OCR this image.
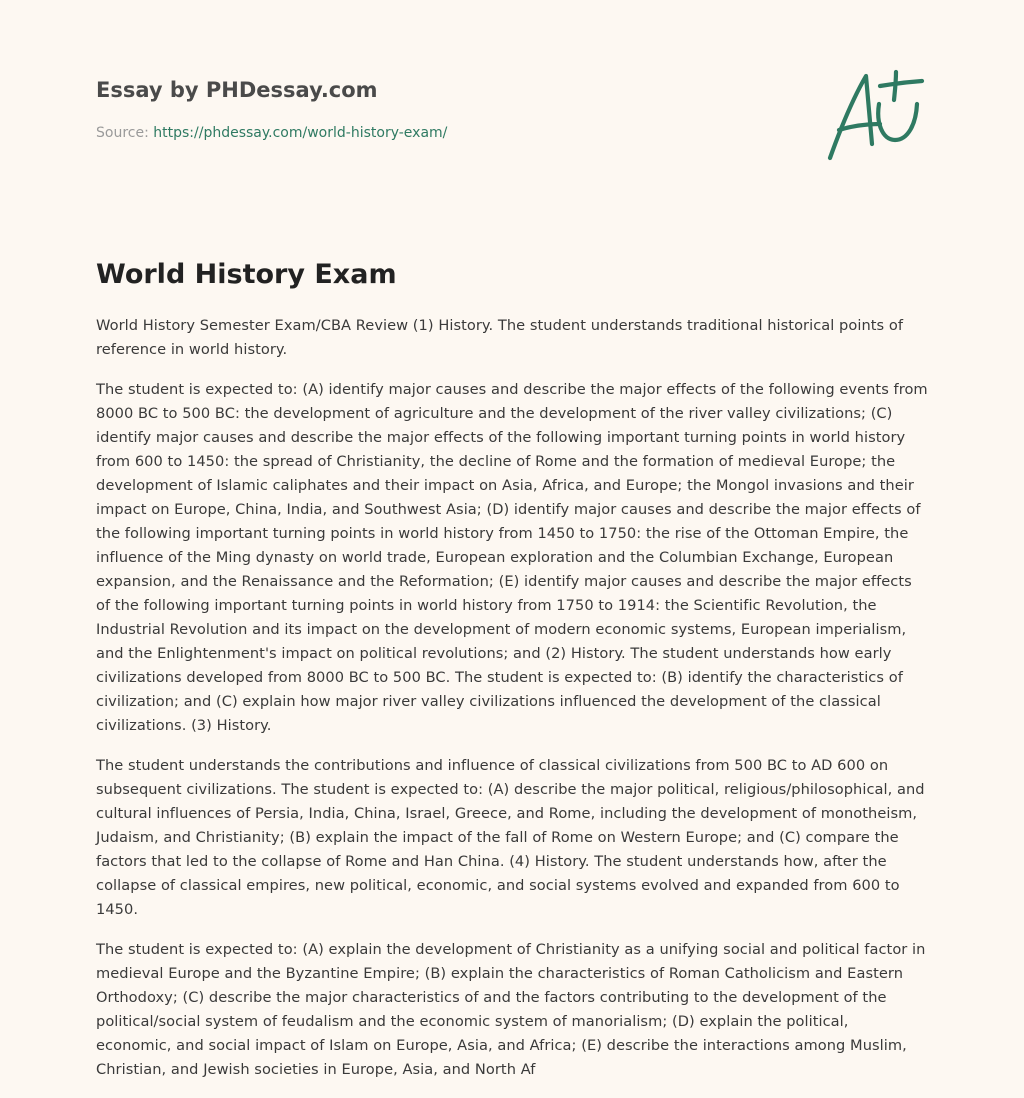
Essay by PHDessay.com
Source: https://phdessay.com/world-history-exam/
World History Exam

World History Semester Exam/CBA Review (1) History. The student understands traditional historical points of reference in world history.

The student is expected to: (A) identify major causes and describe the major effects of the following events from 8000 BC to 500 BC: the development of agriculture and the development of the river valley civilizations; (C) identify major causes and describe the major effects of the following important turning points in world history from 600 to 1450: the spread of Christianity, the decline of Rome and the formation of medieval Europe; the development of Islamic caliphates and their impact on Asia, Africa, and Europe; the Mongol invasions and their impact on Europe, China, India, and Southwest Asia; (D) identify major causes and describe the major effects of the following important turning points in world history from 1450 to 1750: the rise of the Ottoman Empire, the influence of the Ming dynasty on world trade, European exploration and the Columbian Exchange, European expansion, and the Renaissance and the Reformation; (E) identify major causes and describe the major effects of the following important turning points in world history from 1750 to 1914: the Scientific Revolution, the Industrial Revolution and its impact on the development of modern economic systems, European imperialism, and the Enlightenment's impact on political revolutions; and (2) History. The student understands how early civilizations developed from 8000 BC to 500 BC. The student is expected to: (B) identify the characteristics of civilization; and (C) explain how major river valley civilizations influenced the development of the classical civilizations. (3) History.

The student understands the contributions and influence of classical civilizations from 500 BC to AD 600 on subsequent civilizations. The student is expected to: (A) describe the major political, religious/philosophical, and cultural influences of Persia, India, China, Israel, Greece, and Rome, including the development of monotheism, Judaism, and Christianity; (B) explain the impact of the fall of Rome on Western Europe; and (C) compare the factors that led to the collapse of Rome and Han China. (4) History. The student understands how, after the collapse of classical empires, new political, economic, and social systems evolved and expanded from 600 to 1450.

The student is expected to: (A) explain the development of Christianity as a unifying social and political factor in medieval Europe and the Byzantine Empire; (B) explain the characteristics of Roman Catholicism and Eastern Orthodoxy; (C) describe the major characteristics of and the factors contributing to the development of the political/social system of feudalism and the economic system of manorialism; (D) explain the political, economic, and social impact of Islam on Europe, Asia, and Africa; (E) describe the interactions among Muslim, Christian, and Jewish societies in Europe, Asia, and North Af
